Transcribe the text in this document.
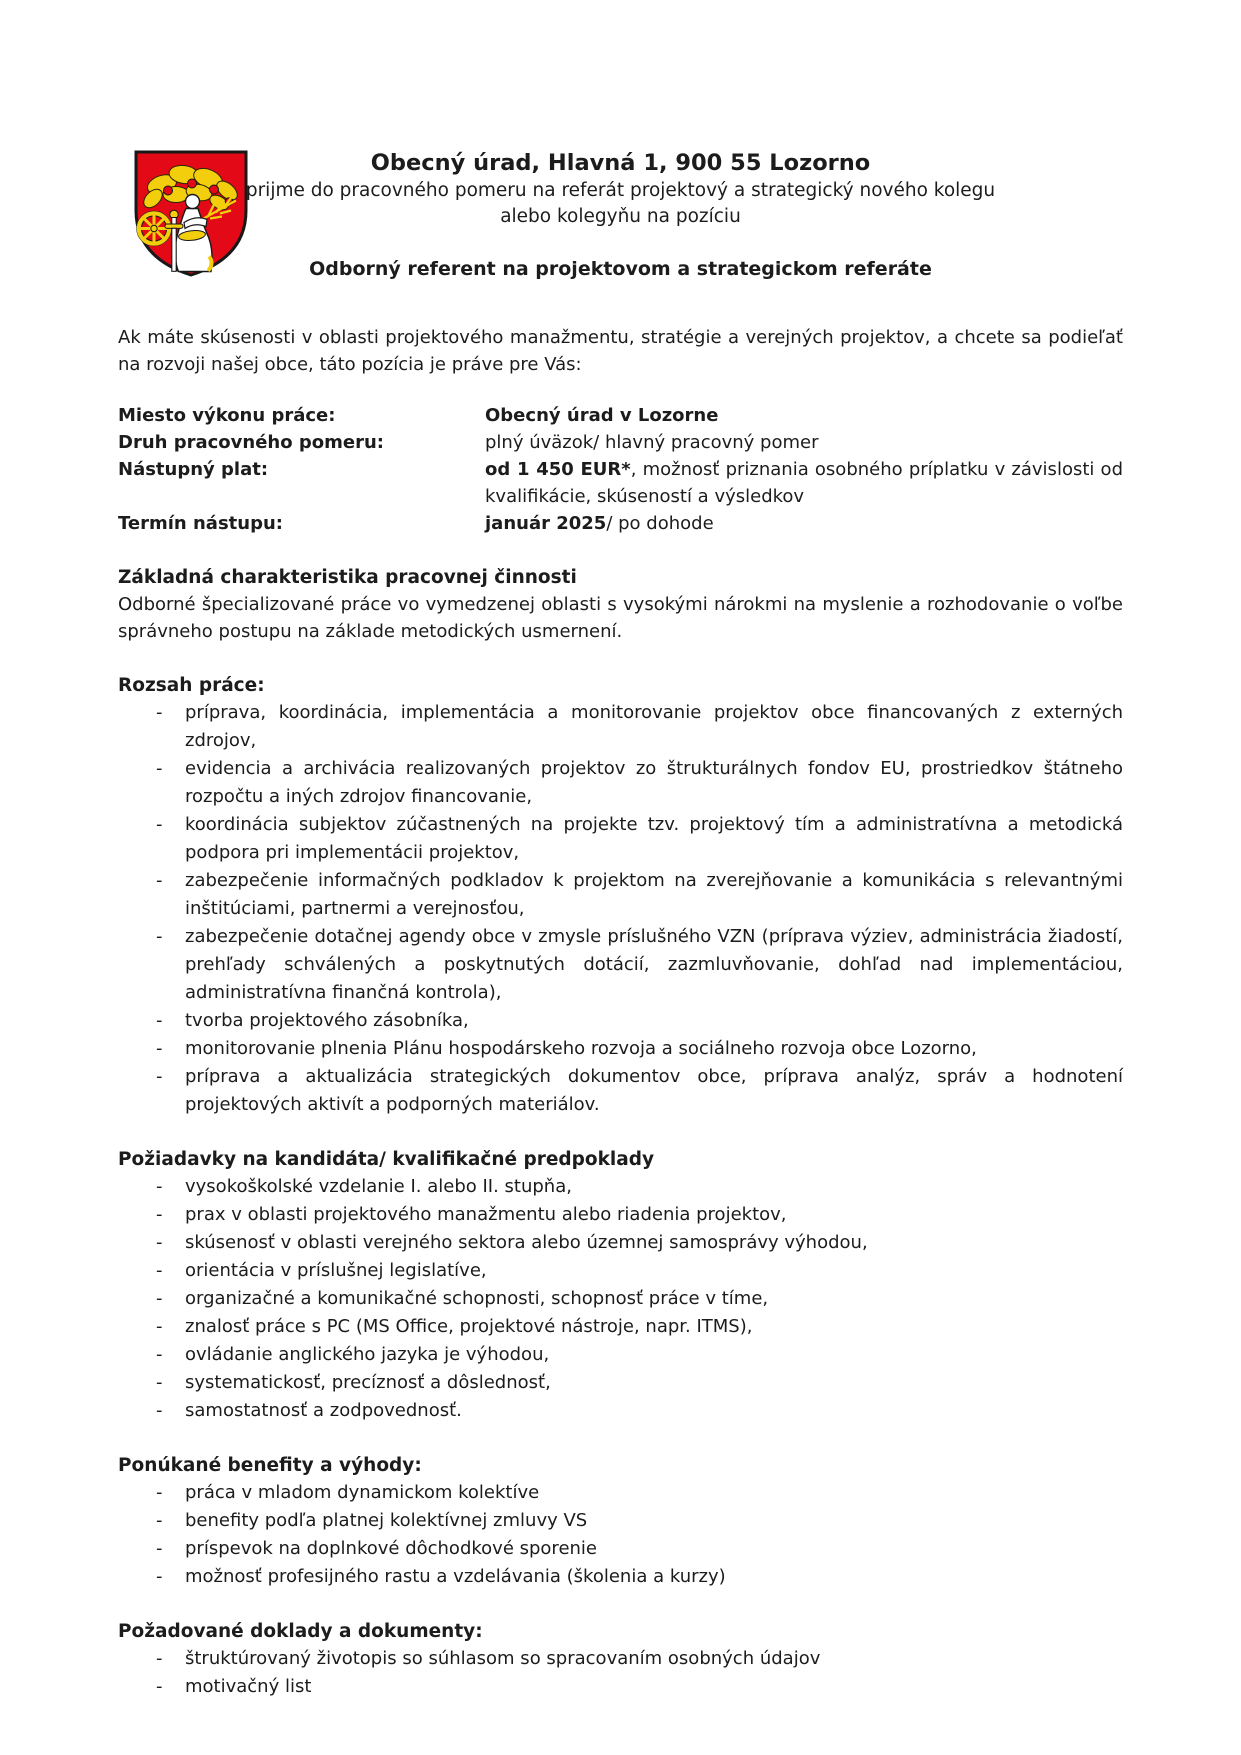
Obecný úrad, Hlavná 1, 900 55 Lozorno
prijme do pracovného pomeru na referát projektový a strategický nového kolegu
alebo kolegyňu na pozíciu
Odborný referent na projektovom a strategickom referáte

Ak máte skúsenosti v oblasti projektového manažmentu, stratégie a verejných projektov, a chcete sa podieľať na rozvoji našej obce, táto pozícia je práve pre Vás:

Miesto výkonu práce:	Obecný úrad v Lozorne
Druh pracovného pomeru:	plný úväzok/ hlavný pracovný pomer
Nástupný plat:	od 1 450 EUR*, možnosť priznania osobného príplatku v závislosti od kvalifikácie, skúseností a výsledkov
Termín nástupu:	január 2025/ po dohode
Základná charakteristika pracovnej činnosti

Odborné špecializované práce vo vymedzenej oblasti s vysokými nárokmi na myslenie a rozhodovanie o voľbe správneho postupu na základe metodických usmernení.

Rozsah práce:
- príprava, koordinácia, implementácia a monitorovanie projektov obce financovaných z externých zdrojov,
- evidencia a archivácia realizovaných projektov zo štrukturálnych fondov EU, prostriedkov štátneho rozpočtu a iných zdrojov financovanie,
- koordinácia subjektov zúčastnených na projekte tzv. projektový tím a administratívna a metodická podpora pri implementácii projektov,
- zabezpečenie informačných podkladov k projektom na zverejňovanie a komunikácia s relevantnými inštitúciami, partnermi a verejnosťou,
- zabezpečenie dotačnej agendy obce v zmysle príslušného VZN (príprava výziev, administrácia žiadostí, prehľady schválených a poskytnutých dotácií, zazmluvňovanie, dohľad nad implementáciou, administratívna finančná kontrola),
- tvorba projektového zásobníka,
- monitorovanie plnenia Plánu hospodárskeho rozvoja a sociálneho rozvoja obce Lozorno,
- príprava a aktualizácia strategických dokumentov obce, príprava analýz, správ a hodnotení projektových aktivít a podporných materiálov.
Požiadavky na kandidáta/ kvalifikačné predpoklady
- vysokoškolské vzdelanie I. alebo II. stupňa,
- prax v oblasti projektového manažmentu alebo riadenia projektov,
- skúsenosť v oblasti verejného sektora alebo územnej samosprávy výhodou,
- orientácia v príslušnej legislatíve,
- organizačné a komunikačné schopnosti, schopnosť práce v tíme,
- znalosť práce s PC (MS Office, projektové nástroje, napr. ITMS),
- ovládanie anglického jazyka je výhodou,
- systematickosť, precíznosť a dôslednosť,
- samostatnosť a zodpovednosť.
Ponúkané benefity a výhody:
- práca v mladom dynamickom kolektíve
- benefity podľa platnej kolektívnej zmluvy VS
- príspevok na doplnkové dôchodkové sporenie
- možnosť profesijného rastu a vzdelávania (školenia a kurzy)
Požadované doklady a dokumenty:
- štruktúrovaný životopis so súhlasom so spracovaním osobných údajov
- motivačný list
